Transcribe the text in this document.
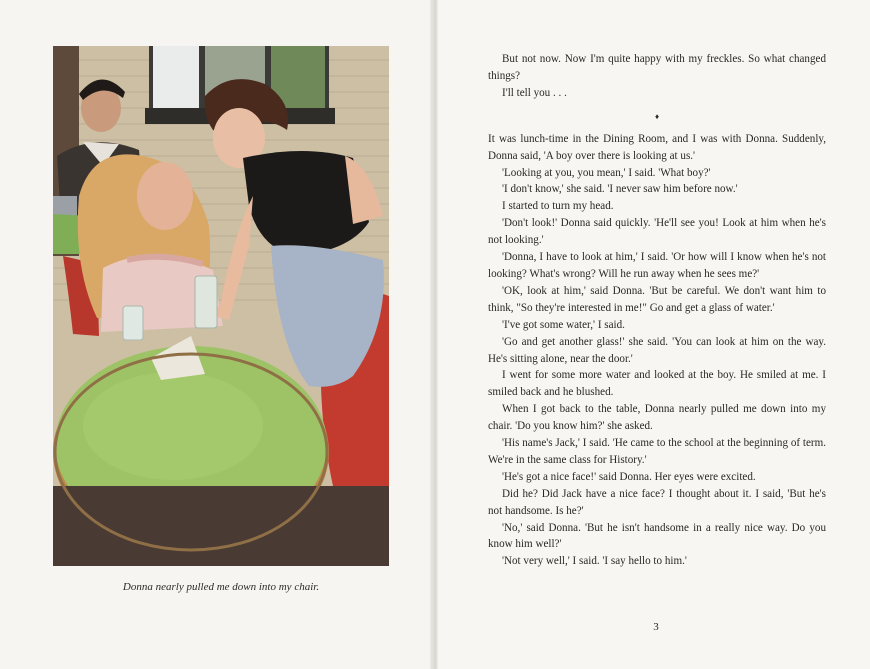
Donna nearly pulled me down into my chair.

But not now. Now I'm quite happy with my freckles. So what changed things?

I'll tell you . . .

♦

It was lunch-time in the Dining Room, and I was with Donna. Suddenly, Donna said, 'A boy over there is looking at us.'

'Looking at you, you mean,' I said. 'What boy?'

'I don't know,' she said. 'I never saw him before now.'

I started to turn my head.

'Don't look!' Donna said quickly. 'He'll see you! Look at him when he's not looking.'

'Donna, I have to look at him,' I said. 'Or how will I know when he's not looking? What's wrong? Will he run away when he sees me?'

'OK, look at him,' said Donna. 'But be careful. We don't want him to think, "So they're interested in me!" Go and get a glass of water.'

'I've got some water,' I said.

'Go and get another glass!' she said. 'You can look at him on the way. He's sitting alone, near the door.'

I went for some more water and looked at the boy. He smiled at me. I smiled back and he blushed.

When I got back to the table, Donna nearly pulled me down into my chair. 'Do you know him?' she asked.

'His name's Jack,' I said. 'He came to the school at the beginning of term. We're in the same class for History.'

'He's got a nice face!' said Donna. Her eyes were excited.

Did he? Did Jack have a nice face? I thought about it. I said, 'But he's not handsome. Is he?'

'No,' said Donna. 'But he isn't handsome in a really nice way. Do you know him well?'

'Not very well,' I said. 'I say hello to him.'

3
